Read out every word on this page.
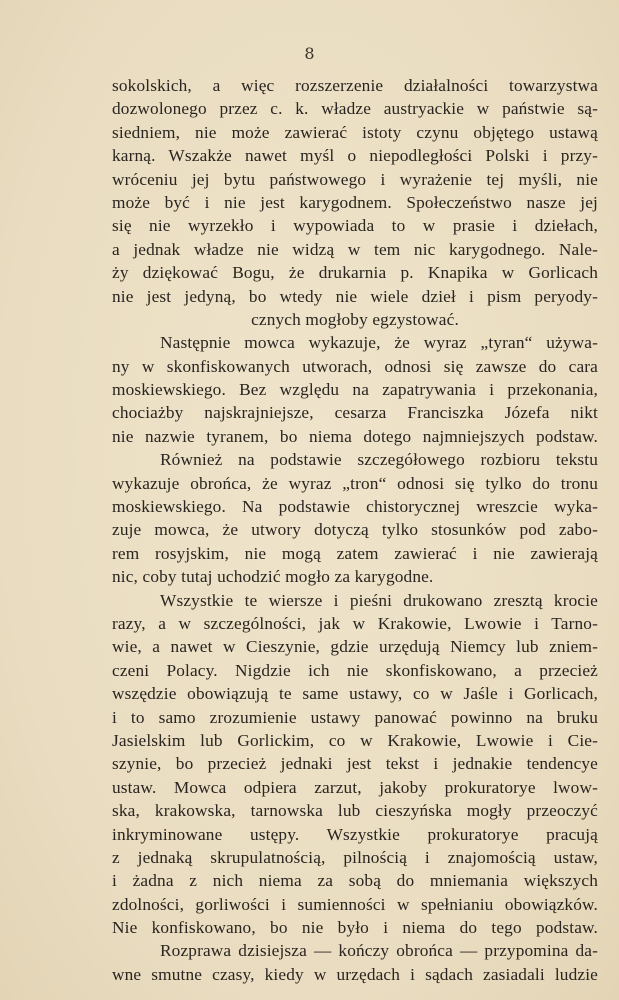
8
sokolskich, a więc rozszerzenie działalności towarzystwa
dozwolonego przez c. k. władze austryackie w państwie są-
siedniem, nie może zawierać istoty czynu objętego ustawą
karną. Wszakże nawet myśl o niepodległości Polski i przy-
wróceniu jej bytu państwowego i wyrażenie tej myśli, nie
może być i nie jest karygodnem. Społeczeństwo nasze jej
się nie wyrzekło i wypowiada to w prasie i dziełach,
a jednak władze nie widzą w tem nic karygodnego. Nale-
ży dziękować Bogu, że drukarnia p. Knapika w Gorlicach
nie jest jedyną, bo wtedy nie wiele dzieł i pism peryody-
cznych mogłoby egzystować.
Następnie mowca wykazuje, że wyraz „tyran“ używa-
ny w skonfiskowanych utworach, odnosi się zawsze do cara
moskiewskiego. Bez względu na zapatrywania i przekonania,
chociażby najskrajniejsze, cesarza Franciszka Józefa nikt
nie nazwie tyranem, bo niema dotego najmniejszych podstaw.
Również na podstawie szczegółowego rozbioru tekstu
wykazuje obrońca, że wyraz „tron“ odnosi się tylko do tronu
moskiewskiego. Na podstawie chistorycznej wreszcie wyka-
zuje mowca, że utwory dotyczą tylko stosunków pod zabo-
rem rosyjskim, nie mogą zatem zawierać i nie zawierają
nic, coby tutaj uchodzić mogło za karygodne.
Wszystkie te wiersze i pieśni drukowano zresztą krocie
razy, a w szczególności, jak w Krakowie, Lwowie i Tarno-
wie, a nawet w Cieszynie, gdzie urzędują Niemcy lub zniem-
czeni Polacy. Nigdzie ich nie skonfiskowano, a przecież
wszędzie obowiązują te same ustawy, co w Jaśle i Gorlicach,
i to samo zrozumienie ustawy panować powinno na bruku
Jasielskim lub Gorlickim, co w Krakowie, Lwowie i Cie-
szynie, bo przecież jednaki jest tekst i jednakie tendencye
ustaw. Mowca odpiera zarzut, jakoby prokuratorye lwow-
ska, krakowska, tarnowska lub cieszyńska mogły przeoczyć
inkryminowane ustępy. Wszystkie prokuratorye pracują
z jednaką skrupulatnością, pilnością i znajomością ustaw,
i żadna z nich niema za sobą do mniemania większych
zdolności, gorliwości i sumienności w spełnianiu obowiązków.
Nie konfiskowano, bo nie było i niema do tego podstaw.
Rozprawa dzisiejsza — kończy obrońca — przypomina da-
wne smutne czasy, kiedy w urzędach i sądach zasiadali ludzie
